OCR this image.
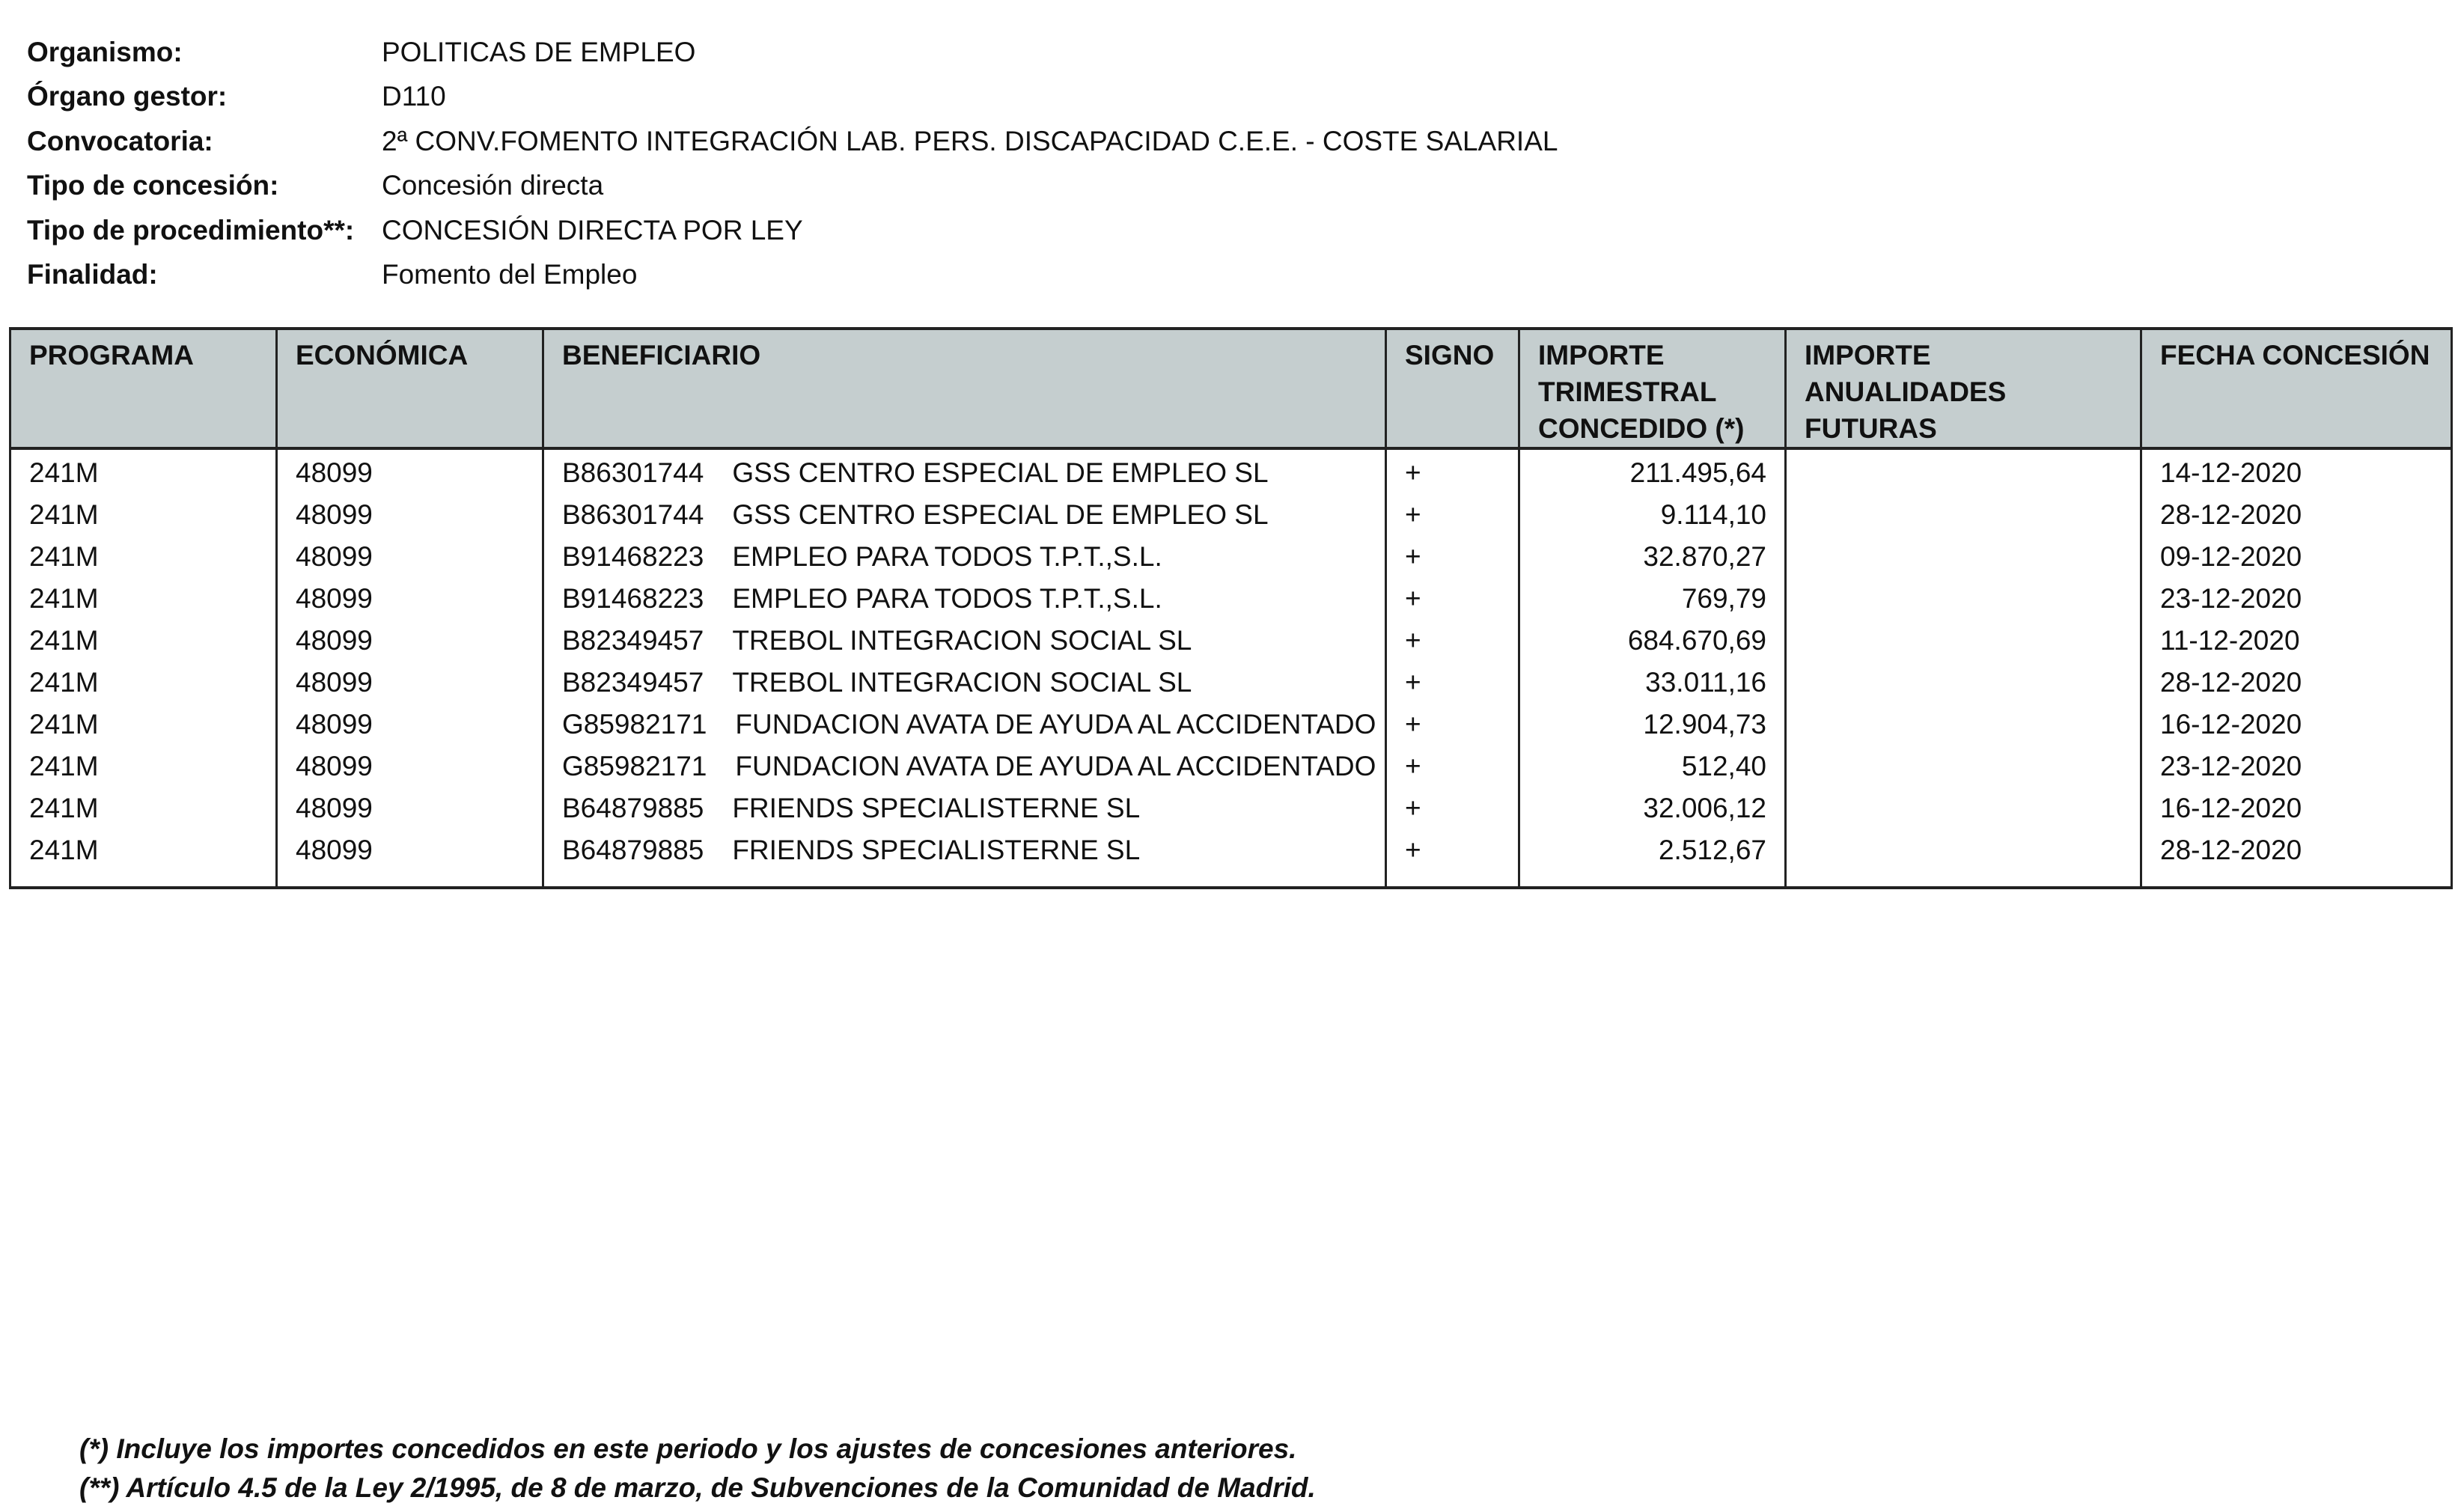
Organismo:	POLITICAS DE EMPLEO
Órgano gestor:	D110
Convocatoria:	2ª CONV.FOMENTO INTEGRACIÓN LAB. PERS. DISCAPACIDAD C.E.E. - COSTE SALARIAL
Tipo de concesión:	Concesión directa
Tipo de procedimiento**: CONCESIÓN DIRECTA POR LEY
Finalidad:	Fomento del Empleo
PROGRAMA	ECONÓMICA	BENEFICIARIO	SIGNO	IMPORTE TRIMESTRAL CONCEDIDO (*)	IMPORTE ANUALIDADES FUTURAS	FECHA CONCESIÓN
241M	48099	B86301744 GSS CENTRO ESPECIAL DE EMPLEO SL	+	211.495,64		14-12-2020
241M	48099	B86301744 GSS CENTRO ESPECIAL DE EMPLEO SL	+	9.114,10		28-12-2020
241M	48099	B91468223 EMPLEO PARA TODOS T.P.T.,S.L.	+	32.870,27		09-12-2020
241M	48099	B91468223 EMPLEO PARA TODOS T.P.T.,S.L.	+	769,79		23-12-2020
241M	48099	B82349457 TREBOL INTEGRACION SOCIAL SL	+	684.670,69		11-12-2020
241M	48099	B82349457 TREBOL INTEGRACION SOCIAL SL	+	33.011,16		28-12-2020
241M	48099	G85982171 FUNDACION AVATA DE AYUDA AL ACCIDENTADO	+	12.904,73		16-12-2020
241M	48099	G85982171 FUNDACION AVATA DE AYUDA AL ACCIDENTADO	+	512,40		23-12-2020
241M	48099	B64879885 FRIENDS SPECIALISTERNE SL	+	32.006,12		16-12-2020
241M	48099	B64879885 FRIENDS SPECIALISTERNE SL	+	2.512,67		28-12-2020
(*) Incluye los importes concedidos en este periodo y los ajustes de concesiones anteriores.
(**) Artículo 4.5 de la Ley 2/1995, de 8 de marzo, de Subvenciones de la Comunidad de Madrid.
